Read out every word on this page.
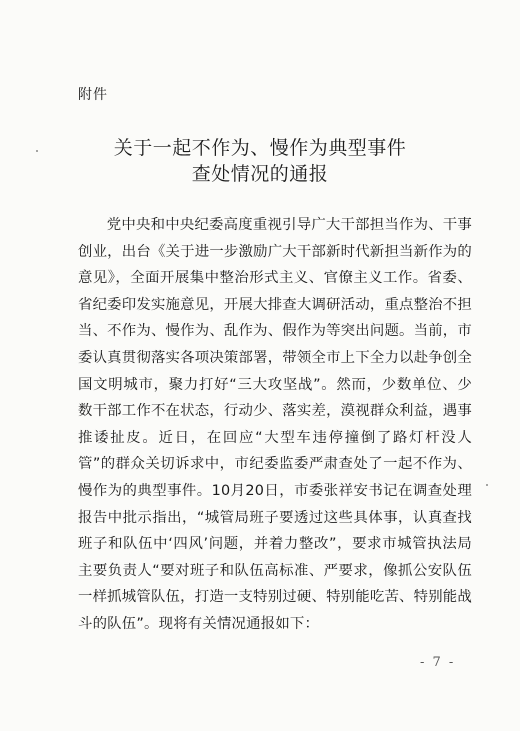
附件
关于一起不作为、慢作为典型事件
查处情况的通报
党中央和中央纪委高度重视引导广大干部担当作为、干事创业，出台《关于进一步激励广大干部新时代新担当新作为的意见》，全面开展集中整治形式主义、官僚主义工作。省委、省纪委印发实施意见，开展大排查大调研活动，重点整治不担当、不作为、慢作为、乱作为、假作为等突出问题。当前，市委认真贯彻落实各项决策部署，带领全市上下全力以赴争创全国文明城市，聚力打好“三大攻坚战”。然而，少数单位、少数干部工作不在状态，行动少、落实差，漠视群众利益，遇事推诿扯皮。近日，在回应“大型车违停撞倒了路灯杆没人管”的群众关切诉求中，市纪委监委严肃查处了一起不作为、慢作为的典型事件。10月20日，市委张祥安书记在调查处理报告中批示指出，“城管局班子要透过这些具体事，认真查找班子和队伍中‘四风’问题，并着力整改”，要求市城管执法局主要负责人“要对班子和队伍高标准、严要求，像抓公安队伍一样抓城管队伍，打造一支特别过硬、特别能吃苦、特别能战斗的队伍”。现将有关情况通报如下：
- 7 -
